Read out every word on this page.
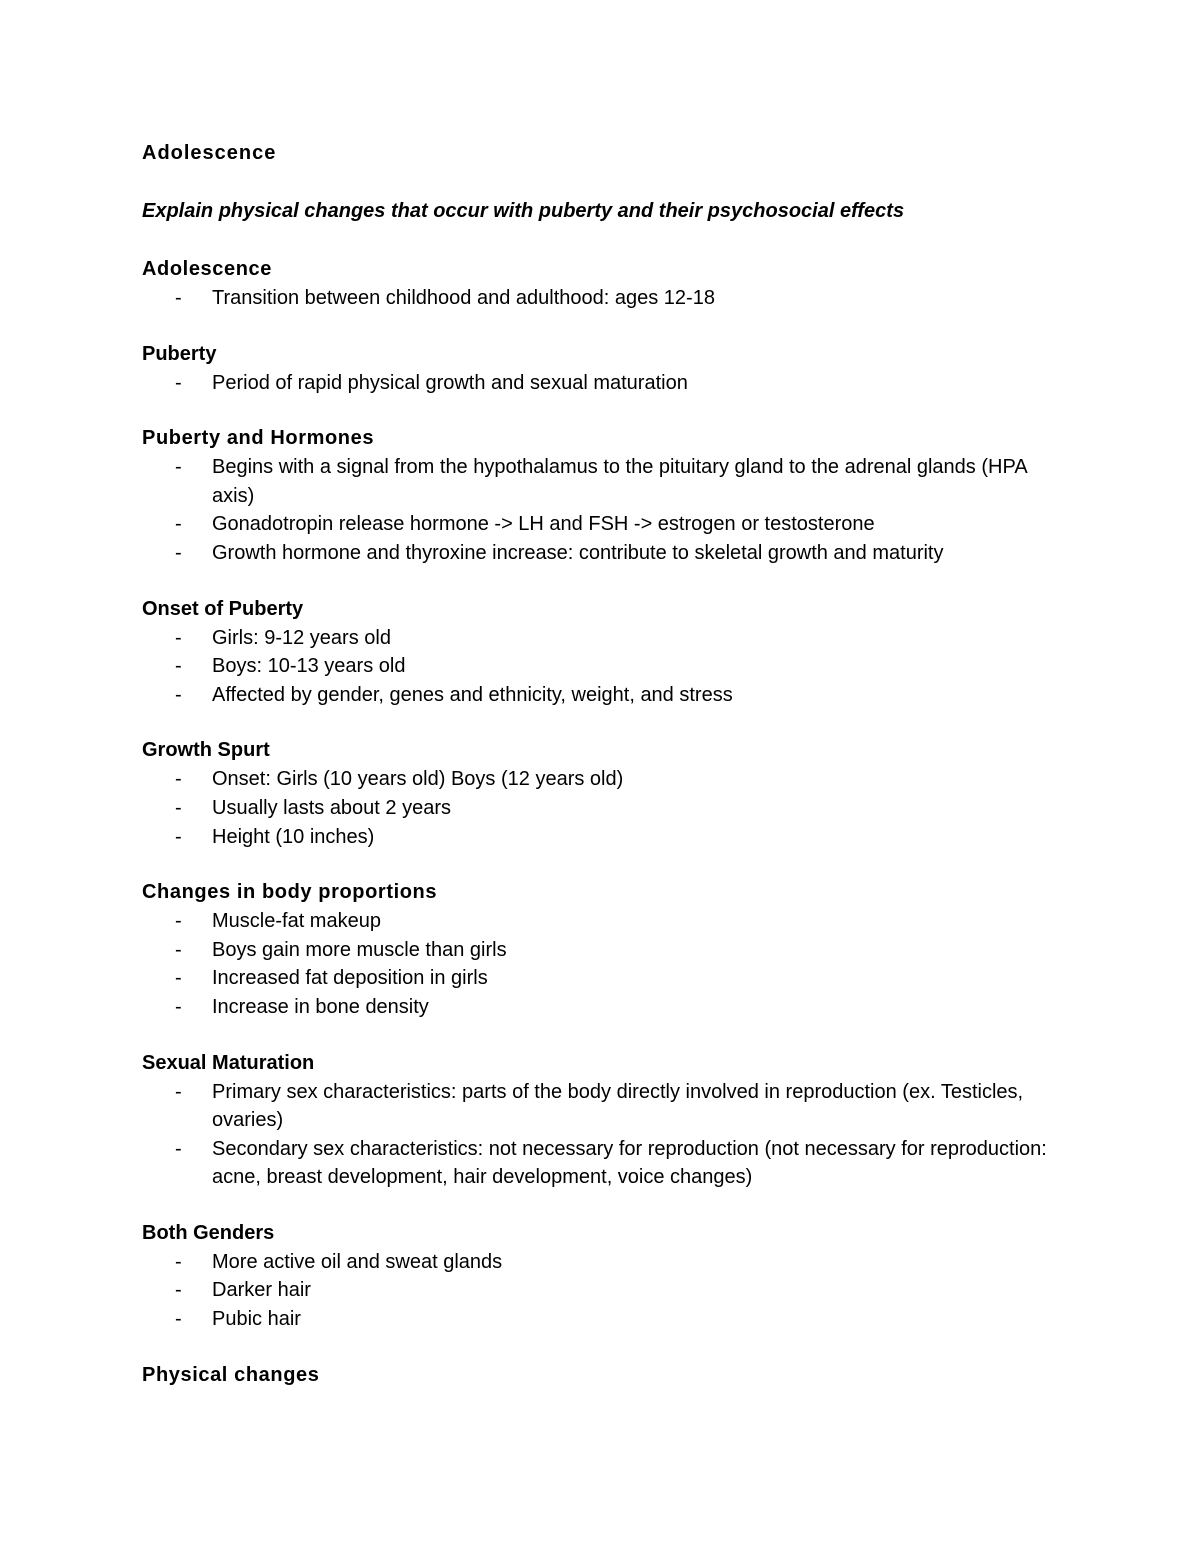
Adolescence

Explain physical changes that occur with puberty and their psychosocial effects

Adolescence
- Transition between childhood and adulthood: ages 12-18
Puberty
- Period of rapid physical growth and sexual maturation
Puberty and Hormones
- Begins with a signal from the hypothalamus to the pituitary gland to the adrenal glands (HPA axis)
- Gonadotropin release hormone -> LH and FSH -> estrogen or testosterone
- Growth hormone and thyroxine increase: contribute to skeletal growth and maturity
Onset of Puberty
- Girls: 9-12 years old
- Boys: 10-13 years old
- Affected by gender, genes and ethnicity, weight, and stress
Growth Spurt
- Onset: Girls (10 years old) Boys (12 years old)
- Usually lasts about 2 years
- Height (10 inches)
Changes in body proportions
- Muscle-fat makeup
- Boys gain more muscle than girls
- Increased fat deposition in girls
- Increase in bone density
Sexual Maturation
- Primary sex characteristics: parts of the body directly involved in reproduction (ex. Testicles, ovaries)
- Secondary sex characteristics: not necessary for reproduction (not necessary for reproduction: acne, breast development, hair development, voice changes)
Both Genders
- More active oil and sweat glands
- Darker hair
- Pubic hair
Physical changes
